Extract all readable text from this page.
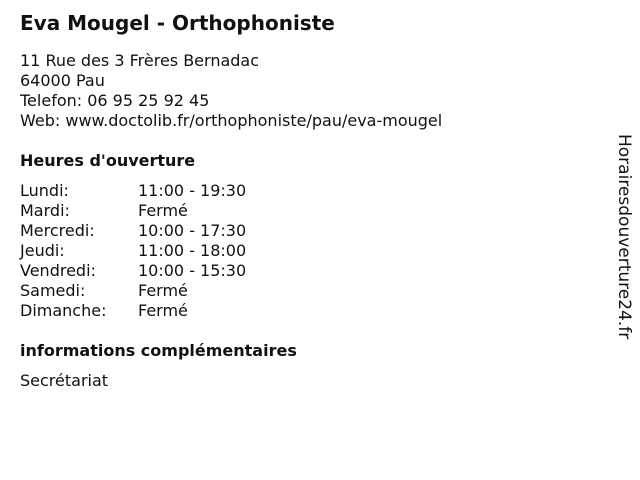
Eva Mougel - Orthophoniste
11 Rue des 3 Frères Bernadac
64000 Pau
Telefon: 06 95 25 92 45
Web: www.doctolib.fr/orthophoniste/pau/eva-mougel
Heures d'ouverture
Lundi:	11:00 - 19:30
Mardi:	Fermé
Mercredi:	10:00 - 17:30
Jeudi:	11:00 - 18:00
Vendredi:	10:00 - 15:30
Samedi:	Fermé
Dimanche:	Fermé
informations complémentaires
Secrétariat
Horairesdouverture24.fr
